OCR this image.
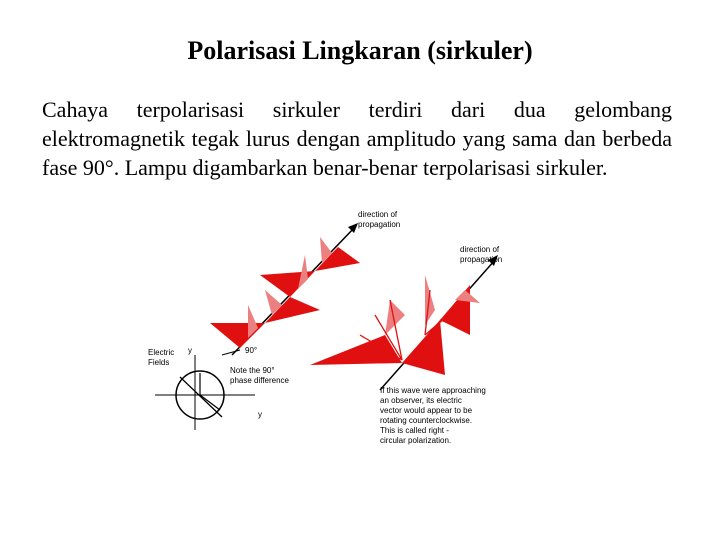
Polarisasi Lingkaran (sirkuler)
Cahaya terpolarisasi sirkuler terdiri dari dua gelombang elektromagnetik tegak lurus dengan amplitudo yang sama dan berbeda fase 90°. Lampu digambarkan benar-benar terpolarisasi sirkuler.
direction of
propagation
direction of
propagation
Electric
Fields
y
y
90°
Note the 90°
phase difference
If this wave were approaching
an observer, its electric
vector would appear to be
rotating counterclockwise.
This is called right -
circular polarization.
